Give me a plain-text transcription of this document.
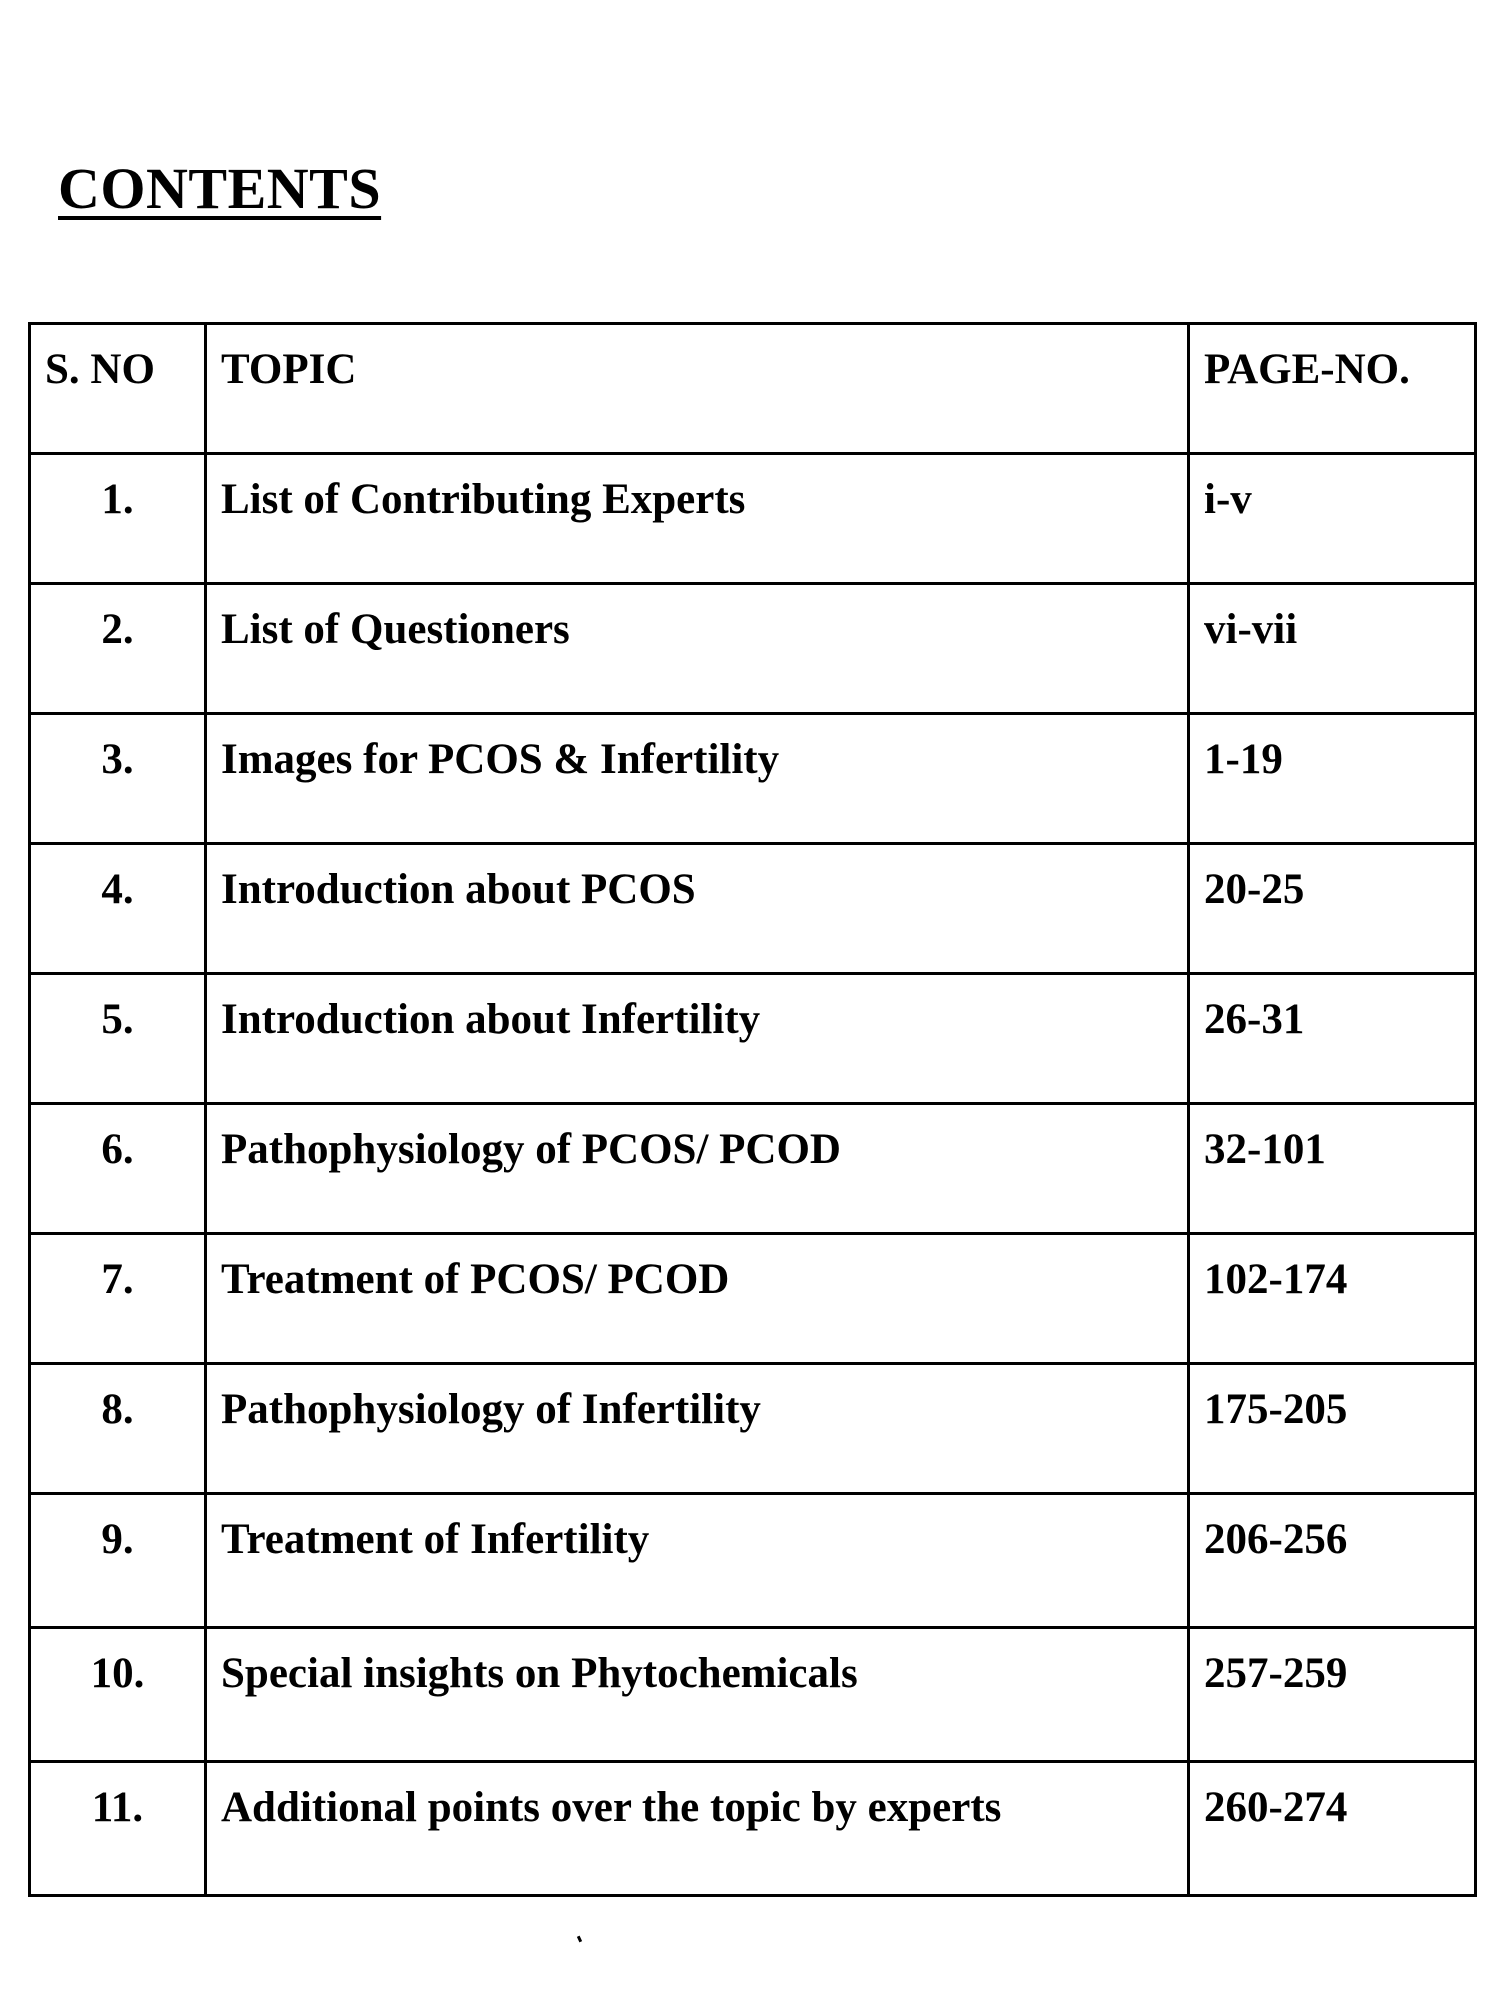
CONTENTS
S. NO	TOPIC	PAGE-NO.
1.	List of Contributing Experts	i-v
2.	List of Questioners	vi-vii
3.	Images for PCOS & Infertility	1-19
4.	Introduction about PCOS	20-25
5.	Introduction about Infertility	26-31
6.	Pathophysiology of PCOS/ PCOD	32-101
7.	Treatment of PCOS/ PCOD	102-174
8.	Pathophysiology of Infertility	175-205
9.	Treatment of Infertility	206-256
10.	Special insights on Phytochemicals	257-259
11.	Additional points over the topic by experts	260-274
